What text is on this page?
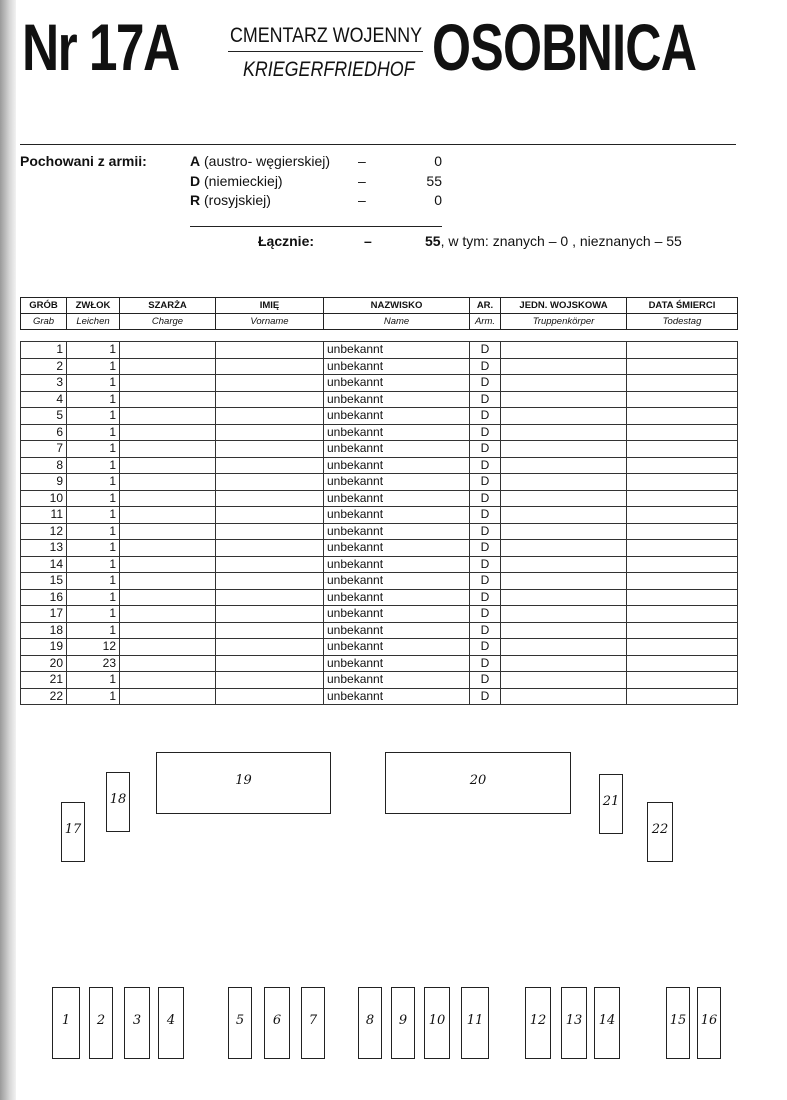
Nr 17A CMENTARZ WOJENNY
KRIEGERFRIEDHOF OSOBNICA
Pochowani z armii:	A (austro- węgierskiej) –	0
D (niemieckiej)	–	55
R (rosyjskiej)	–	0
Łącznie:	–	55, w tym: znanych – 0 , nieznanych – 55
GRÓB	ZWŁOK	SZARŻA	IMIĘ	NAZWISKO	AR.	JEDN. WOJSKOWA	DATA ŚMIERCI
Grab	Leichen	Charge	Vorname	Name	Arm.	Truppenkörper	Todestag
1	1			unbekannt	D		
2	1			unbekannt	D		
3	1			unbekannt	D		
4	1			unbekannt	D		
5	1			unbekannt	D		
6	1			unbekannt	D		
7	1			unbekannt	D		
8	1			unbekannt	D		
9	1			unbekannt	D		
10	1			unbekannt	D		
11	1			unbekannt	D		
12	1			unbekannt	D		
13	1			unbekannt	D		
14	1			unbekannt	D		
15	1			unbekannt	D		
16	1			unbekannt	D		
17	1			unbekannt	D		
18	1			unbekannt	D		
19	12			unbekannt	D		
20	23			unbekannt	D		
21	1			unbekannt	D		
22	1			unbekannt	D		
1	2	3	4	5	6	7	8	9	10	11	12 13 14	15 16
17
18
19	20
21
22
